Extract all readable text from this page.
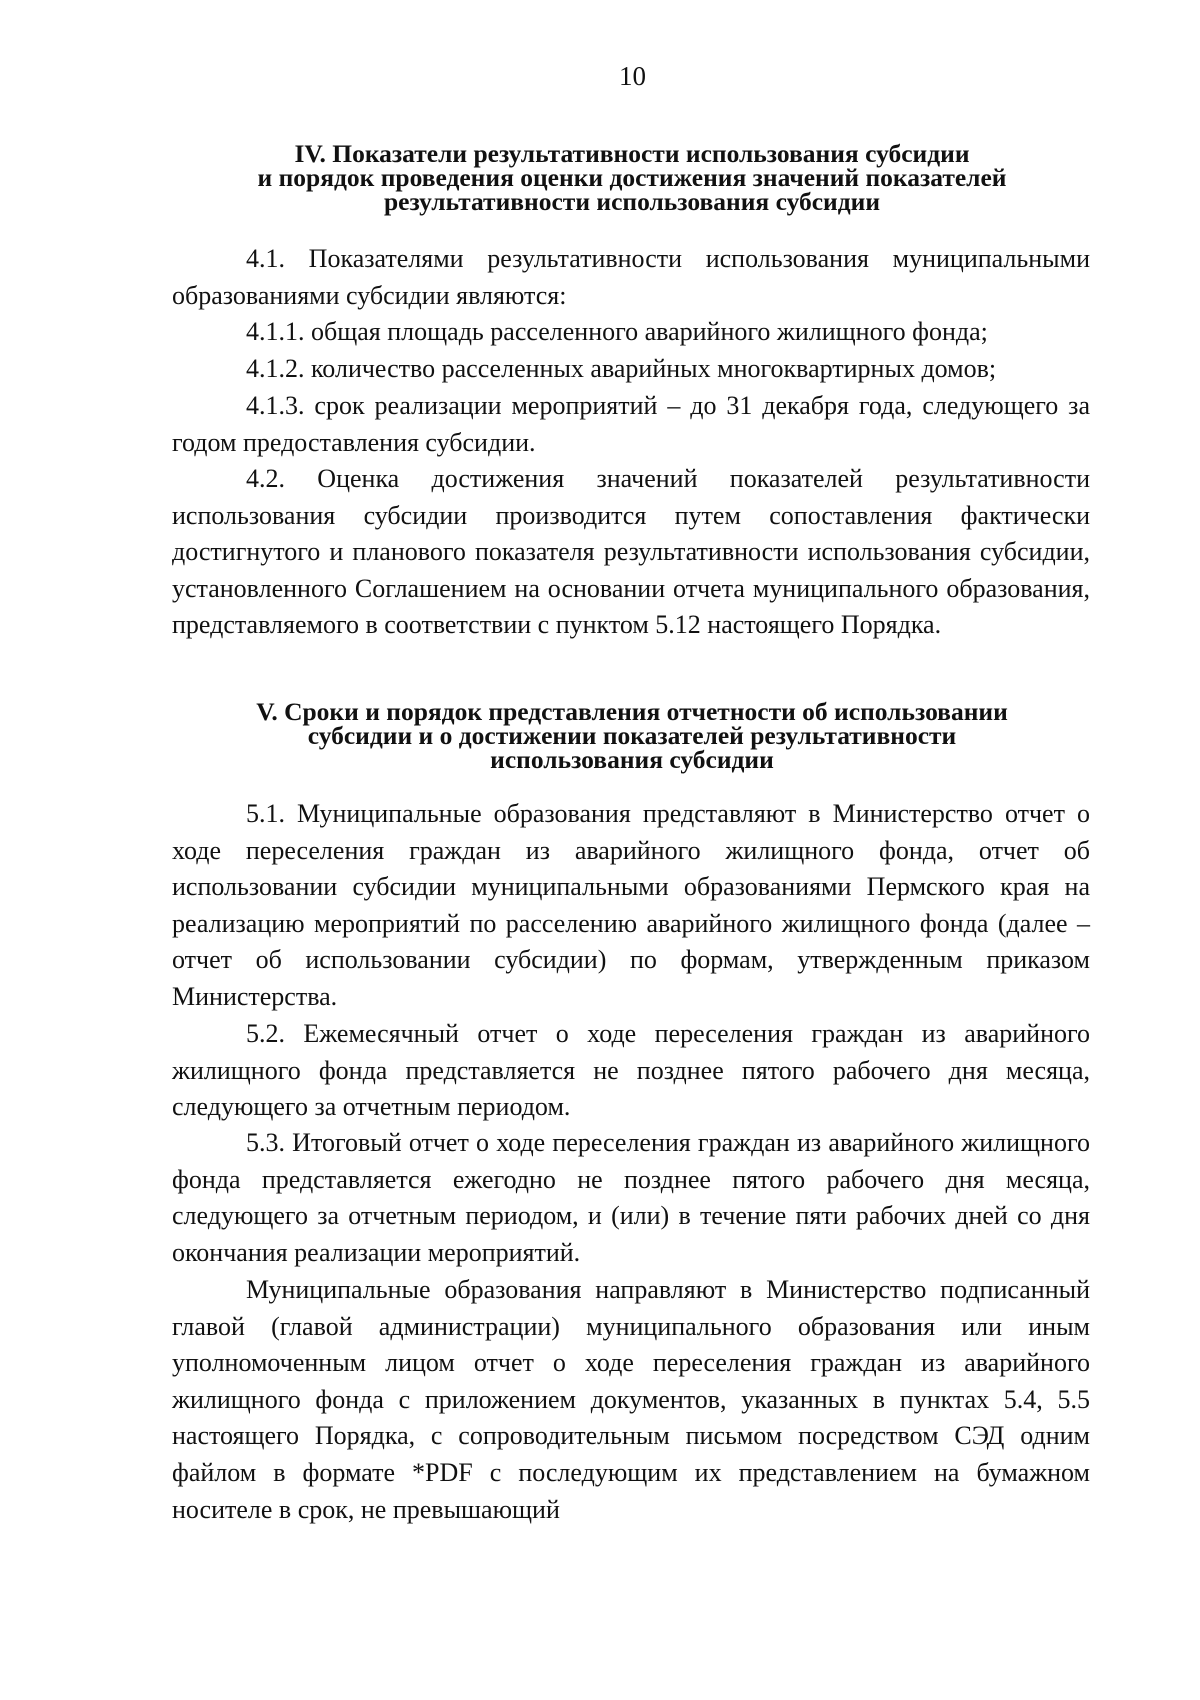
10
IV. Показатели результативности использования субсидии
и порядок проведения оценки достижения значений показателей
результативности использования субсидии

4.1. Показателями результативности использования муниципальными образованиями субсидии являются:

4.1.1. общая площадь расселенного аварийного жилищного фонда;

4.1.2. количество расселенных аварийных многоквартирных домов;

4.1.3. срок реализации мероприятий – до 31 декабря года, следующего за годом предоставления субсидии.

4.2. Оценка достижения значений показателей результативности использования субсидии производится путем сопоставления фактически достигнутого и планового показателя результативности использования субсидии, установленного Соглашением на основании отчета муниципального образования, представляемого в соответствии с пунктом 5.12 настоящего Порядка.

V. Сроки и порядок представления отчетности об использовании
субсидии и о достижении показателей результативности
использования субсидии

5.1. Муниципальные образования представляют в Министерство отчет о ходе переселения граждан из аварийного жилищного фонда, отчет об использовании субсидии муниципальными образованиями Пермского края на реализацию мероприятий по расселению аварийного жилищного фонда (далее – отчет об использовании субсидии) по формам, утвержденным приказом Министерства.

5.2. Ежемесячный отчет о ходе переселения граждан из аварийного жилищного фонда представляется не позднее пятого рабочего дня месяца, следующего за отчетным периодом.

5.3. Итоговый отчет о ходе переселения граждан из аварийного жилищного фонда представляется ежегодно не позднее пятого рабочего дня месяца, следующего за отчетным периодом, и (или) в течение пяти рабочих дней со дня окончания реализации мероприятий.

Муниципальные образования направляют в Министерство подписанный главой (главой администрации) муниципального образования или иным уполномоченным лицом отчет о ходе переселения граждан из аварийного жилищного фонда с приложением документов, указанных в пунктах 5.4, 5.5 настоящего Порядка, с сопроводительным письмом посредством СЭД одним файлом в формате *PDF с последующим их представлением на бумажном носителе в срок, не превышающий
